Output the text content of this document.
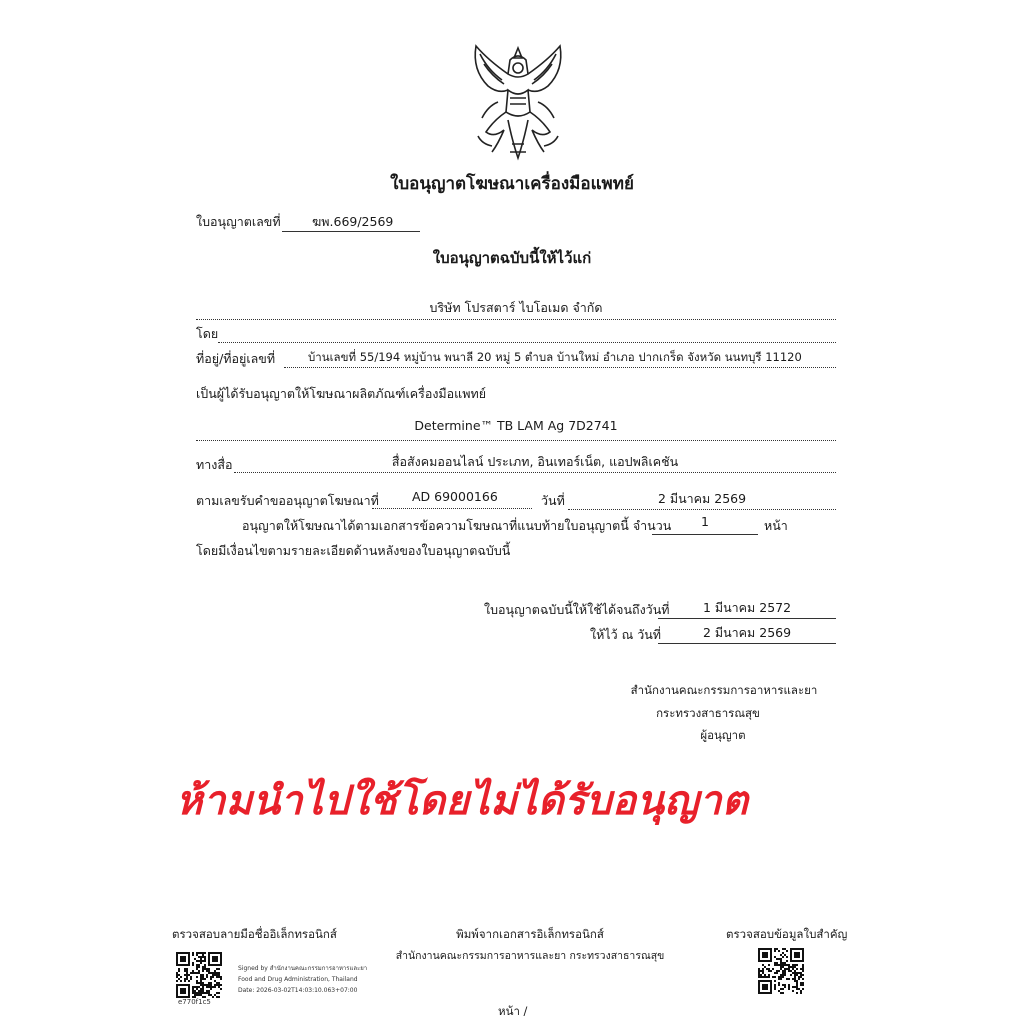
ใบอนุญาตโฆษณาเครื่องมือแพทย์
ใบอนุญาตเลขที่	ฆพ.669/2569
ใบอนุญาตฉบับนี้ให้ไว้แก่
บริษัท โปรสตาร์ ไบโอเมด จำกัด
โดย
ที่อยู่/ที่อยู่เลขที่	บ้านเลขที่ 55/194 หมู่บ้าน พนาลี 20 หมู่ 5 ตำบล บ้านใหม่ อำเภอ ปากเกร็ด จังหวัด นนทบุรี 11120
เป็นผู้ได้รับอนุญาตให้โฆษณาผลิตภัณฑ์เครื่องมือแพทย์
Determine™ TB LAM Ag 7D2741
ทางสื่อ	สื่อสังคมออนไลน์ ประเภท, อินเทอร์เน็ต, แอปพลิเคชัน
ตามเลขรับคำขออนุญาตโฆษณาที่	AD 69000166	วันที่	2 มีนาคม 2569
อนุญาตให้โฆษณาได้ตามเอกสารข้อความโฆษณาที่แนบท้ายใบอนุญาตนี้ จำนวน	1	หน้า
โดยมีเงื่อนไขตามรายละเอียดด้านหลังของใบอนุญาตฉบับนี้
ใบอนุญาตฉบับนี้ให้ใช้ได้จนถึงวันที่	1 มีนาคม 2572
ให้ไว้ ณ วันที่	2 มีนาคม 2569
สำนักงานคณะกรรมการอาหารและยา
กระทรวงสาธารณสุข
ผู้อนุญาต
ห้ามนำไปใช้โดยไม่ได้รับอนุญาต
ตรวจสอบลายมือชื่ออิเล็กทรอนิกส์	พิมพ์จากเอกสารอิเล็กทรอนิกส์
สำนักงานคณะกรรมการอาหารและยา กระทรวงสาธารณสุข
ตรวจสอบข้อมูลใบสำคัญ
e770f1c5
Signed by สำนักงานคณะกรรมการอาหารและยา
Food and Drug Administration, Thailand
Date: 2026-03-02T14:03:10.063+07:00
หน้า /
